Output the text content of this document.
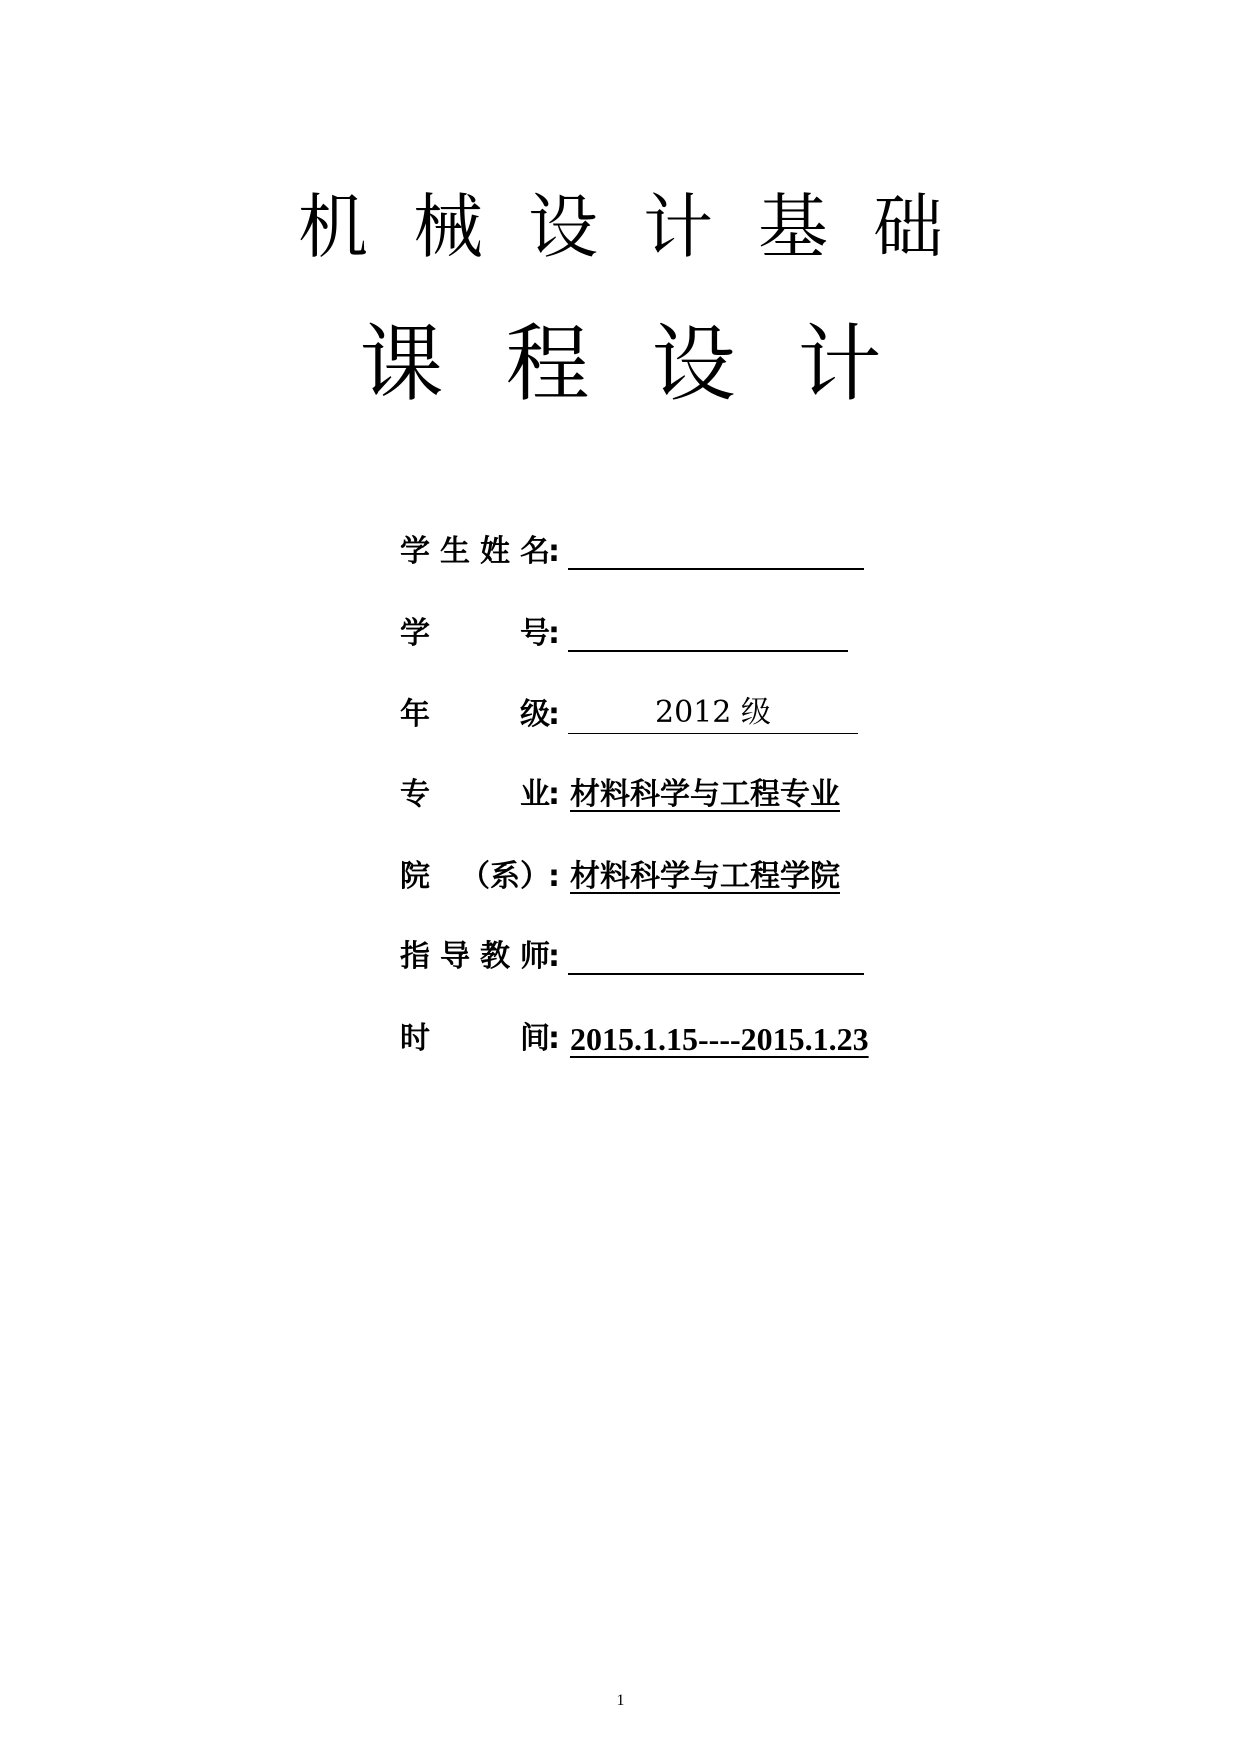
机械设计基础
课程设计
学 生 姓 名
:
学	号
:
年	级
:	2012 级
专	业
: 材料科学与工程专业
院 （系）
: 材料科学与工程学院
指 导 教 师
:
时	间
: 2015.1.15----2015.1.23
1
